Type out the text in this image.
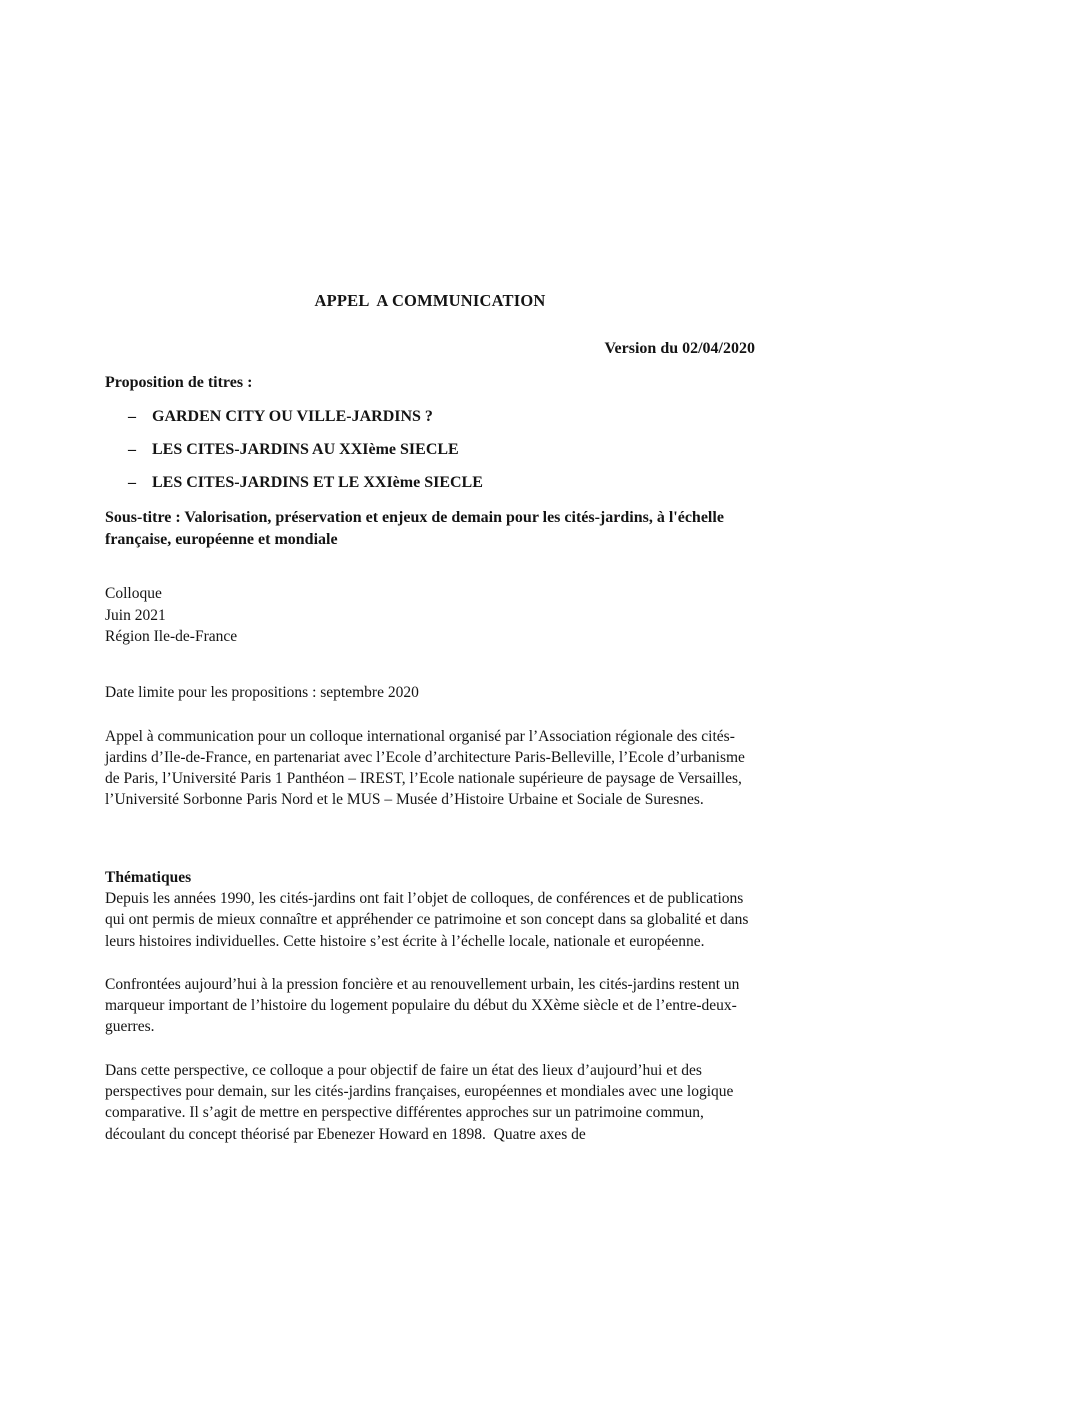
APPEL  A COMMUNICATION
Version du 02/04/2020
Proposition de titres :
–	GARDEN CITY OU VILLE-JARDINS ?
–	LES CITES-JARDINS AU XXIème SIECLE
–	LES CITES-JARDINS ET LE XXIème SIECLE
Sous-titre : Valorisation, préservation et enjeux de demain pour les cités-jardins, à l'échelle française, européenne et mondiale
Colloque
Juin 2021
Région Ile-de-France
Date limite pour les propositions : septembre 2020

Appel à communication pour un colloque international organisé par l’Association régionale des cités-jardins d’Ile-de-France, en partenariat avec l’Ecole d’architecture Paris-Belleville, l’Ecole d’urbanisme de Paris, l’Université Paris 1 Panthéon – IREST, l’Ecole nationale supérieure de paysage de Versailles, l’Université Sorbonne Paris Nord et le MUS – Musée d’Histoire Urbaine et Sociale de Suresnes.

Thématiques

Depuis les années 1990, les cités-jardins ont fait l’objet de colloques, de conférences et de publications qui ont permis de mieux connaître et appréhender ce patrimoine et son concept dans sa globalité et dans leurs histoires individuelles. Cette histoire s’est écrite à l’échelle locale, nationale et européenne.

Confrontées aujourd’hui à la pression foncière et au renouvellement urbain, les cités-jardins restent un marqueur important de l’histoire du logement populaire du début du XXème siècle et de l’entre-deux-guerres.

Dans cette perspective, ce colloque a pour objectif de faire un état des lieux d’aujourd’hui et des perspectives pour demain, sur les cités-jardins françaises, européennes et mondiales avec une logique comparative. Il s’agit de mettre en perspective différentes approches sur un patrimoine commun, découlant du concept théorisé par Ebenezer Howard en 1898.  Quatre axes de
